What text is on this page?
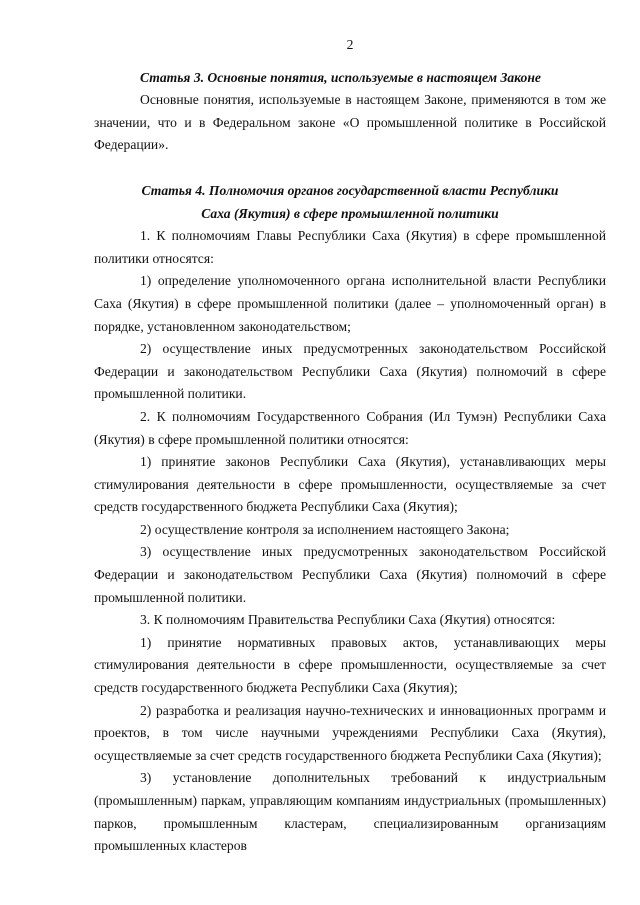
2
Статья 3. Основные понятия, используемые в настоящем Законе

Основные понятия, используемые в настоящем Законе, применяются в том же значении, что и в Федеральном законе «О промышленной политике в Российской Федерации».

Статья 4. Полномочия органов государственной власти Республики
Саха (Якутия) в сфере промышленной политики

1. К полномочиям Главы Республики Саха (Якутия) в сфере промышленной политики относятся:

1) определение уполномоченного органа исполнительной власти Республики Саха (Якутия) в сфере промышленной политики (далее – уполномоченный орган) в порядке, установленном законодательством;

2) осуществление иных предусмотренных законодательством Российской Федерации и законодательством Республики Саха (Якутия) полномочий в сфере промышленной политики.

2. К полномочиям Государственного Собрания (Ил Тумэн) Республики Саха (Якутия) в сфере промышленной политики относятся:

1) принятие законов Республики Саха (Якутия), устанавливающих меры стимулирования деятельности в сфере промышленности, осуществляемые за счет средств государственного бюджета Республики Саха (Якутия);

2) осуществление контроля за исполнением настоящего Закона;

3) осуществление иных предусмотренных законодательством Российской Федерации и законодательством Республики Саха (Якутия) полномочий в сфере промышленной политики.

3. К полномочиям Правительства Республики Саха (Якутия) относятся:

1) принятие нормативных правовых актов, устанавливающих меры стимулирования деятельности в сфере промышленности, осуществляемые за счет средств государственного бюджета Республики Саха (Якутия);

2) разработка и реализация научно-технических и инновационных программ и проектов, в том числе научными учреждениями Республики Саха (Якутия), осуществляемые за счет средств государственного бюджета Республики Саха (Якутия);

3) установление дополнительных требований к индустриальным (промышленным) паркам, управляющим компаниям индустриальных (промышленных) парков, промышленным кластерам, специализированным организациям промышленных кластеров
